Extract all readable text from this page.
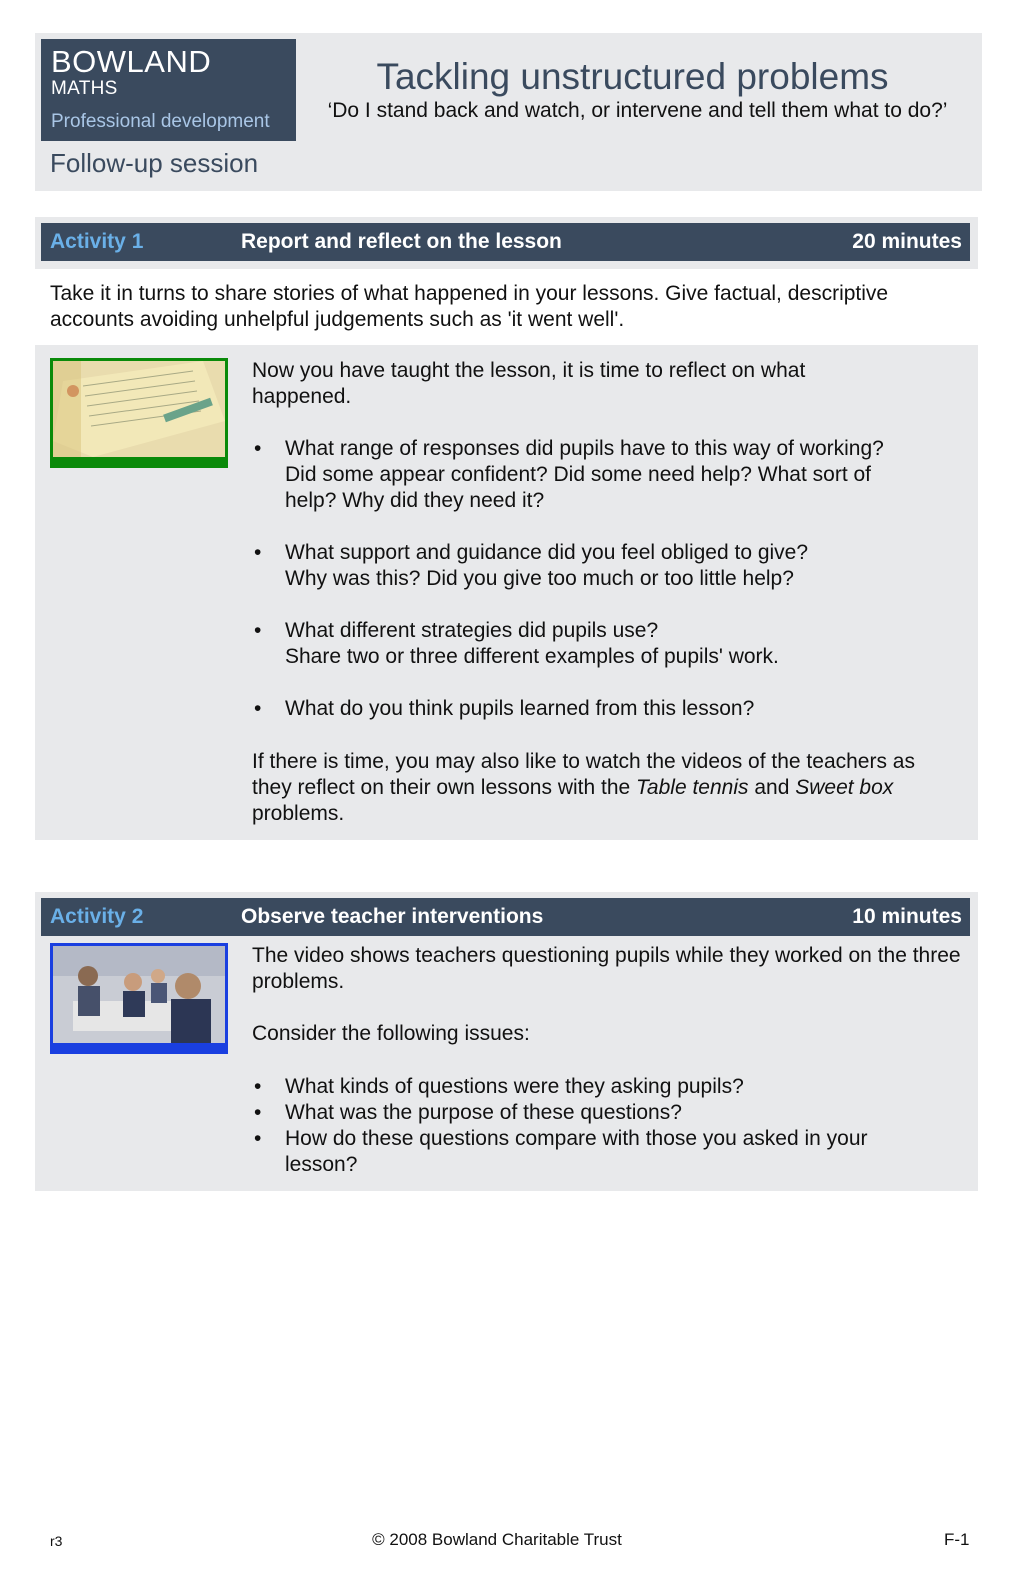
BOWLAND
MATHS
Professional development
Follow-up session
Tackling unstructured problems
‘Do I stand back and watch, or intervene and tell them what to do?’
Activity 1	Report and reflect on the lesson	20 minutes
Take it in turns to share stories of what happened in your lessons. Give factual, descriptive accounts avoiding unhelpful judgements such as 'it went well'.
Now you have taught the lesson, it is time to reflect on what happened.
• What range of responses did pupils have to this way of working?
Did some appear confident? Did some need help? What sort of
help? Why did they need it?
• What support and guidance did you feel obliged to give?
Why was this? Did you give too much or too little help?
• What different strategies did pupils use?
Share two or three different examples of pupils' work.
• What do you think pupils learned from this lesson?
If there is time, you may also like to watch the videos of the teachers as they reflect on their own lessons with the Table tennis and Sweet box problems.
Activity 2	Observe teacher interventions	10 minutes
The video shows teachers questioning pupils while they worked on the three problems.
Consider the following issues:
• What kinds of questions were they asking pupils?
• What was the purpose of these questions?
• How do these questions compare with those you asked in your lesson?
r3	© 2008 Bowland Charitable Trust	F-1
